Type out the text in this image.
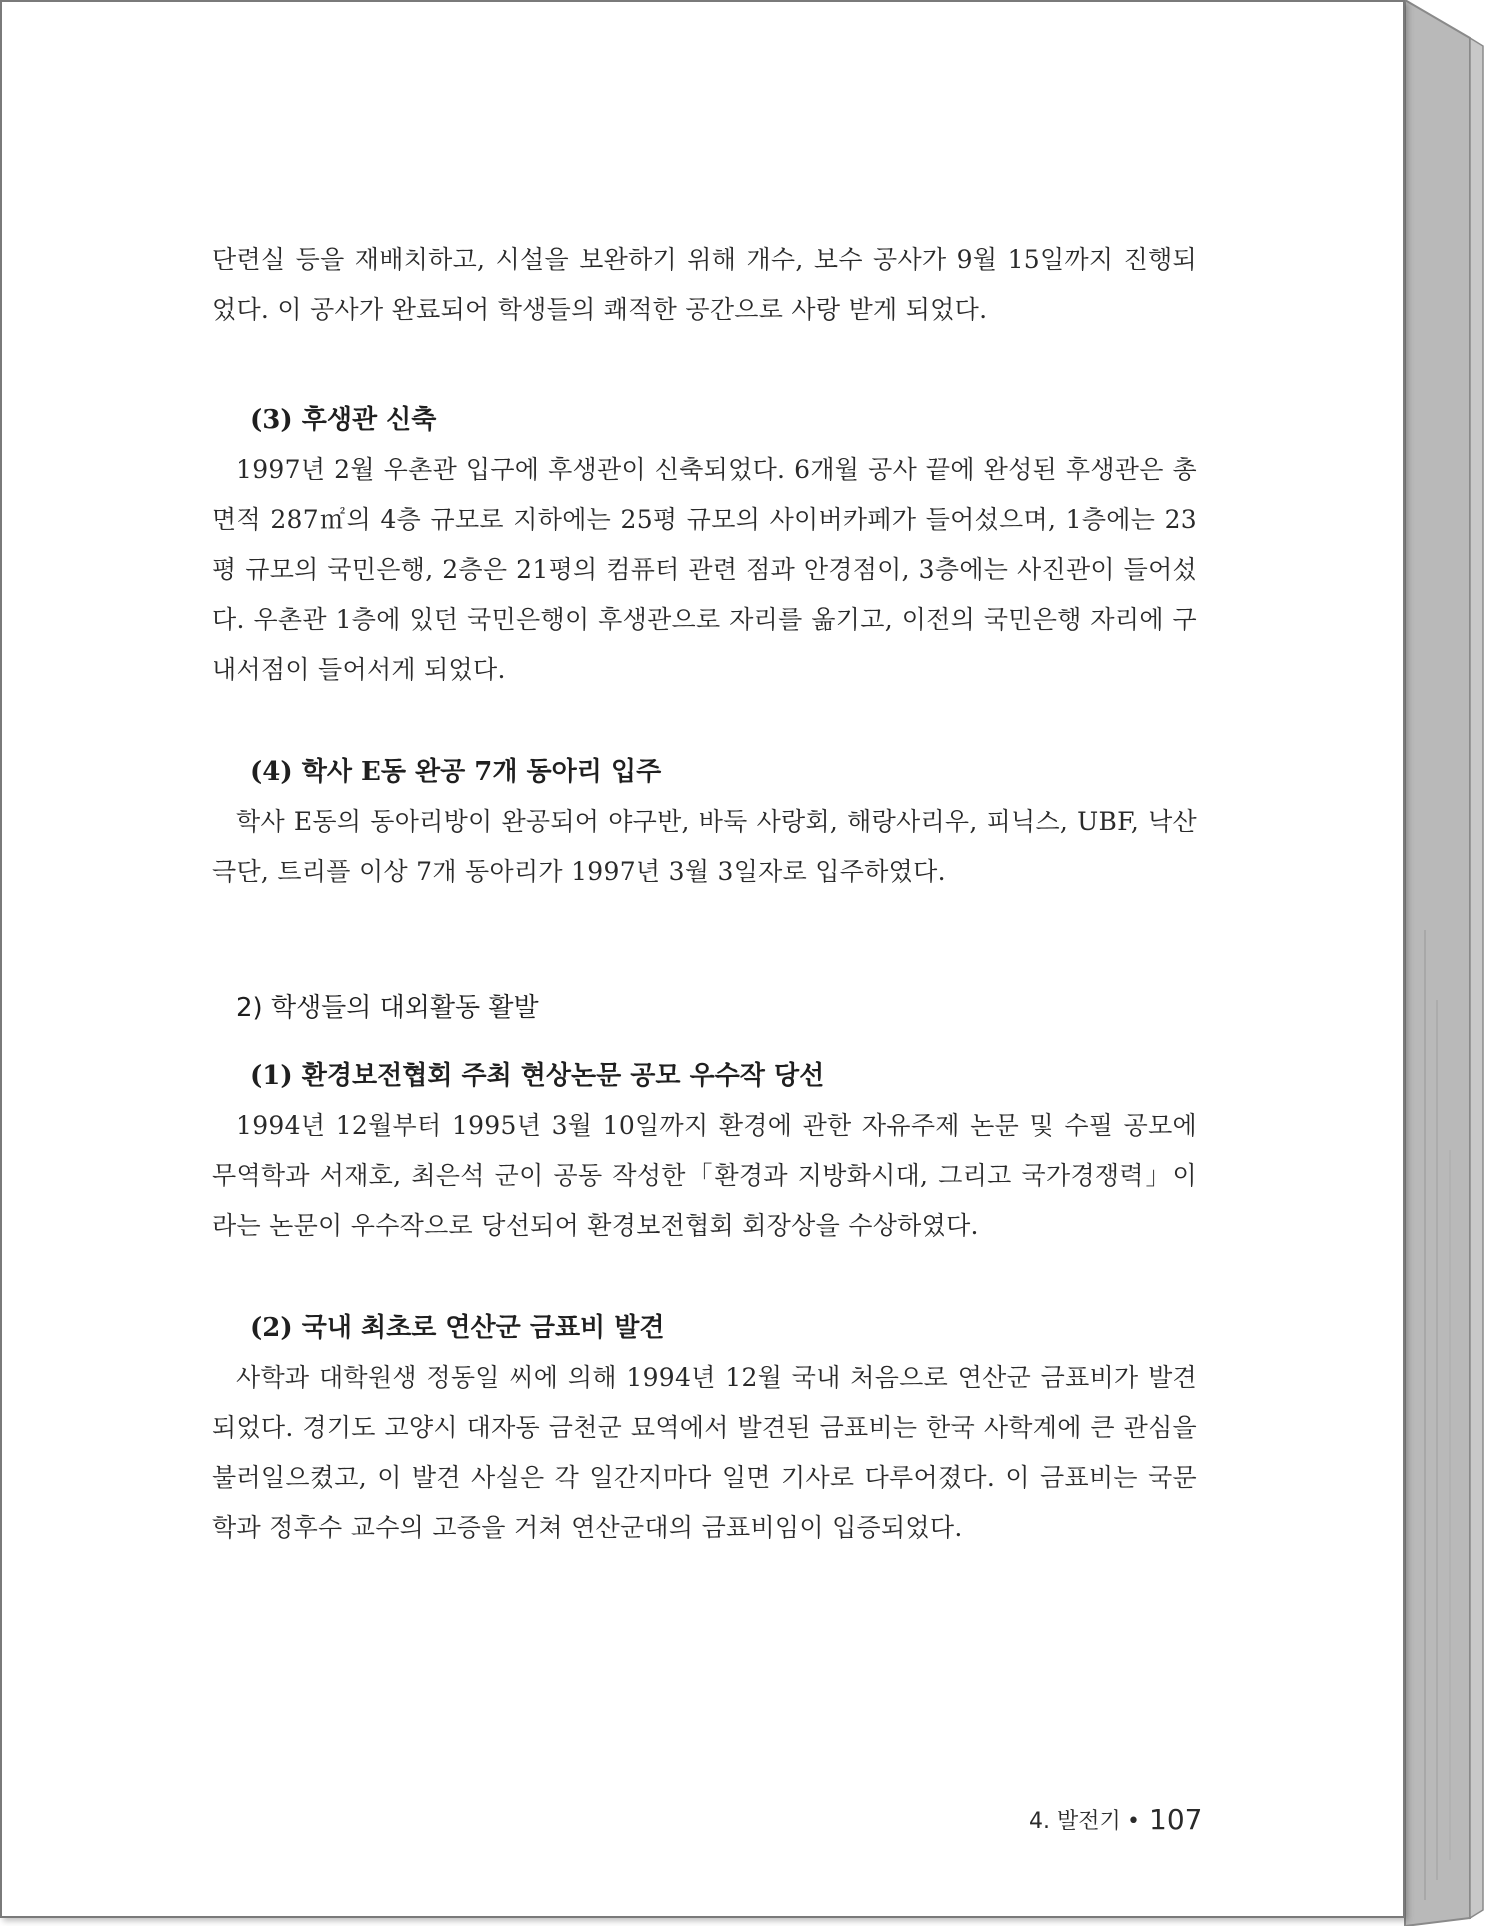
단련실 등을 재배치하고, 시설을 보완하기 위해 개수, 보수 공사가 9월 15일까지 진행되었다. 이 공사가 완료되어 학생들의 쾌적한 공간으로 사랑 받게 되었다.

(3) 후생관 신축

1997년 2월 우촌관 입구에 후생관이 신축되었다. 6개월 공사 끝에 완성된 후생관은 총면적 287㎡의 4층 규모로 지하에는 25평 규모의 사이버카페가 들어섰으며, 1층에는 23평 규모의 국민은행, 2층은 21평의 컴퓨터 관련 점과 안경점이, 3층에는 사진관이 들어섰다. 우촌관 1층에 있던 국민은행이 후생관으로 자리를 옮기고, 이전의 국민은행 자리에 구내서점이 들어서게 되었다.

(4) 학사 E동 완공 7개 동아리 입주

학사 E동의 동아리방이 완공되어 야구반, 바둑 사랑회, 해랑사리우, 피닉스, UBF, 낙산극단, 트리플 이상 7개 동아리가 1997년 3월 3일자로 입주하였다.

2) 학생들의 대외활동 활발
(1) 환경보전협회 주최 현상논문 공모 우수작 당선

1994년 12월부터 1995년 3월 10일까지 환경에 관한 자유주제 논문 및 수필 공모에 무역학과 서재호, 최은석 군이 공동 작성한「환경과 지방화시대, 그리고 국가경쟁력」이라는 논문이 우수작으로 당선되어 환경보전협회 회장상을 수상하였다.

(2) 국내 최초로 연산군 금표비 발견

사학과 대학원생 정동일 씨에 의해 1994년 12월 국내 처음으로 연산군 금표비가 발견되었다. 경기도 고양시 대자동 금천군 묘역에서 발견된 금표비는 한국 사학계에 큰 관심을 불러일으켰고, 이 발견 사실은 각 일간지마다 일면 기사로 다루어졌다. 이 금표비는 국문학과 정후수 교수의 고증을 거쳐 연산군대의 금표비임이 입증되었다.

4. 발전기 • 107
